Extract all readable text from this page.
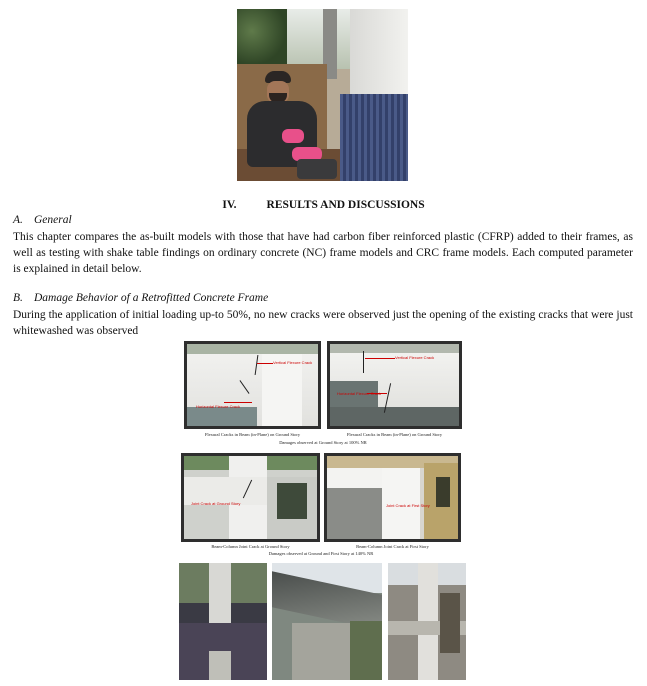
IV.	RESULTS AND DISCUSSIONS
A. General
This chapter compares the as-built models with those that have had carbon fiber reinforced plastic (CFRP) added to their frames, as well as testing with shake table findings on ordinary concrete (NC) frame models and CRC frame models. Each computed parameter is explained in detail below.
B. Damage Behavior of a Retrofitted Concrete Frame
During the application of initial loading up-to 50%, no new cracks were observed just the opening of the existing cracks that were just whitewashed was observed
Vertical Flexure Crack
Horizontal Flexure Crack
Vertical Flexure Crack
Horizontal Flexure Crack
Flexural Cracks in Beam (in-Plane) on Ground Story	Flexural Cracks in Beam (in-Plane) on Ground Story
Damages observed at Ground Story at 100% NR
Joint Crack at Ground Story	Joint Crack at First Story
Beam-Column Joint Crack at Ground Story	Beam-Column Joint Crack at First Story
Damages observed at Ground and First Story at 140% NR
